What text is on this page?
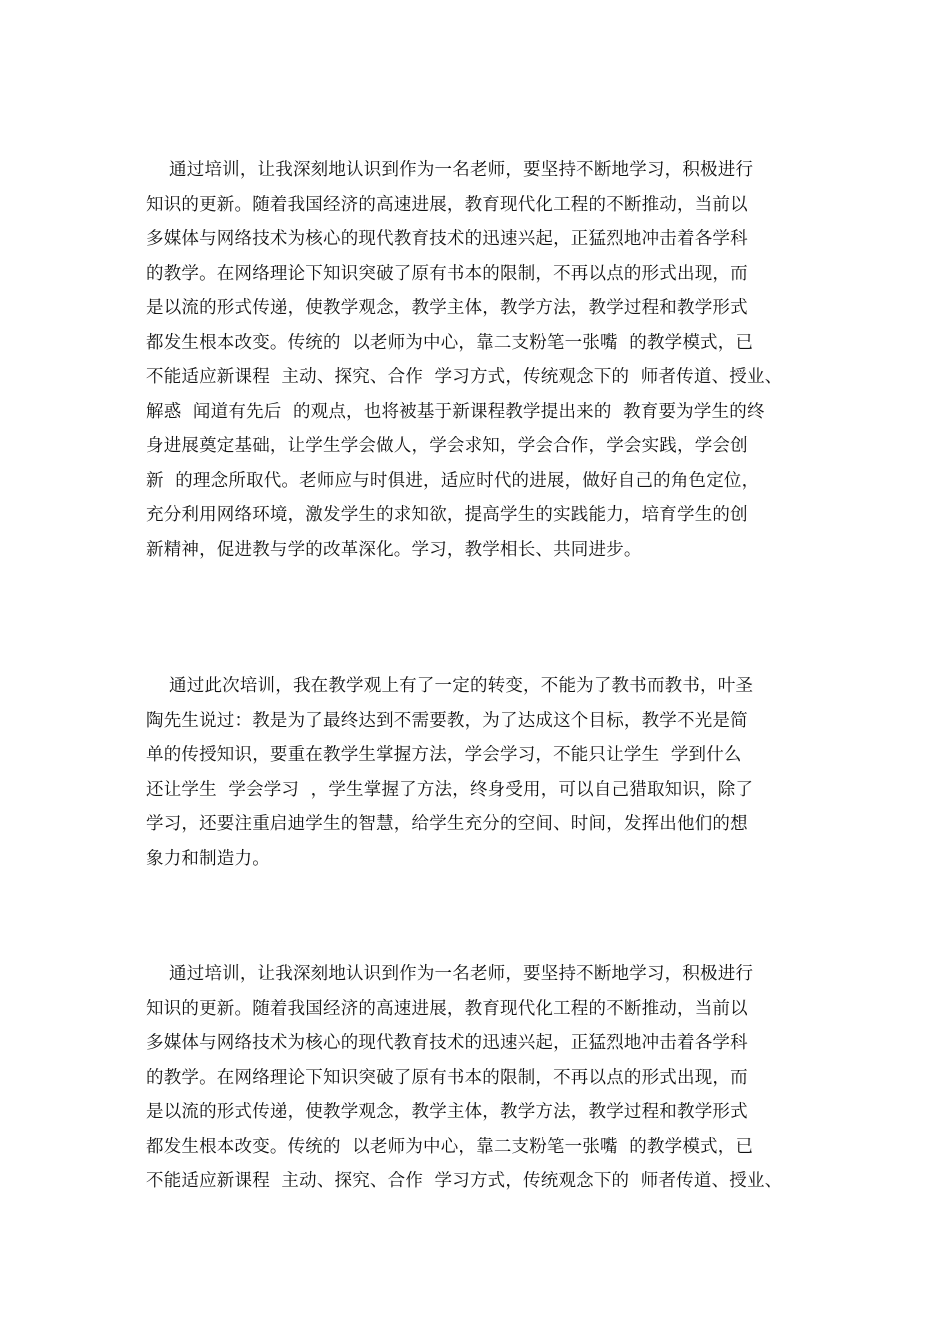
通过培训，让我深刻地认识到作为一名老师，要坚持不断地学习，积极进行
知识的更新。随着我国经济的高速进展，教育现代化工程的不断推动，当前以
多媒体与网络技术为核心的现代教育技术的迅速兴起，正猛烈地冲击着各学科
的教学。在网络理论下知识突破了原有书本的限制，不再以点的形式出现，而
是以流的形式传递，使教学观念，教学主体，教学方法，教学过程和教学形式
都发生根本改变。传统的  以老师为中心，靠二支粉笔一张嘴  的教学模式，已
不能适应新课程  主动、探究、合作  学习方式，传统观念下的  师者传道、授业、
解惑  闻道有先后  的观点，也将被基于新课程教学提出来的  教育要为学生的终
身进展奠定基础，让学生学会做人，学会求知，学会合作，学会实践，学会创
新  的理念所取代。老师应与时俱进，适应时代的进展，做好自己的角色定位，
充分利用网络环境，激发学生的求知欲，提高学生的实践能力，培育学生的创
新精神，促进教与学的改革深化。学习，教学相长、共同进步。
通过此次培训，我在教学观上有了一定的转变，不能为了教书而教书，叶圣
陶先生说过：教是为了最终达到不需要教，为了达成这个目标，教学不光是简
单的传授知识，要重在教学生掌握方法，学会学习，不能只让学生  学到什么
还让学生  学会学习  ，学生掌握了方法，终身受用，可以自己猎取知识，除了
学习，还要注重启迪学生的智慧，给学生充分的空间、时间，发挥出他们的想
象力和制造力。
通过培训，让我深刻地认识到作为一名老师，要坚持不断地学习，积极进行
知识的更新。随着我国经济的高速进展，教育现代化工程的不断推动，当前以
多媒体与网络技术为核心的现代教育技术的迅速兴起，正猛烈地冲击着各学科
的教学。在网络理论下知识突破了原有书本的限制，不再以点的形式出现，而
是以流的形式传递，使教学观念，教学主体，教学方法，教学过程和教学形式
都发生根本改变。传统的  以老师为中心，靠二支粉笔一张嘴  的教学模式，已
不能适应新课程  主动、探究、合作  学习方式，传统观念下的  师者传道、授业、
